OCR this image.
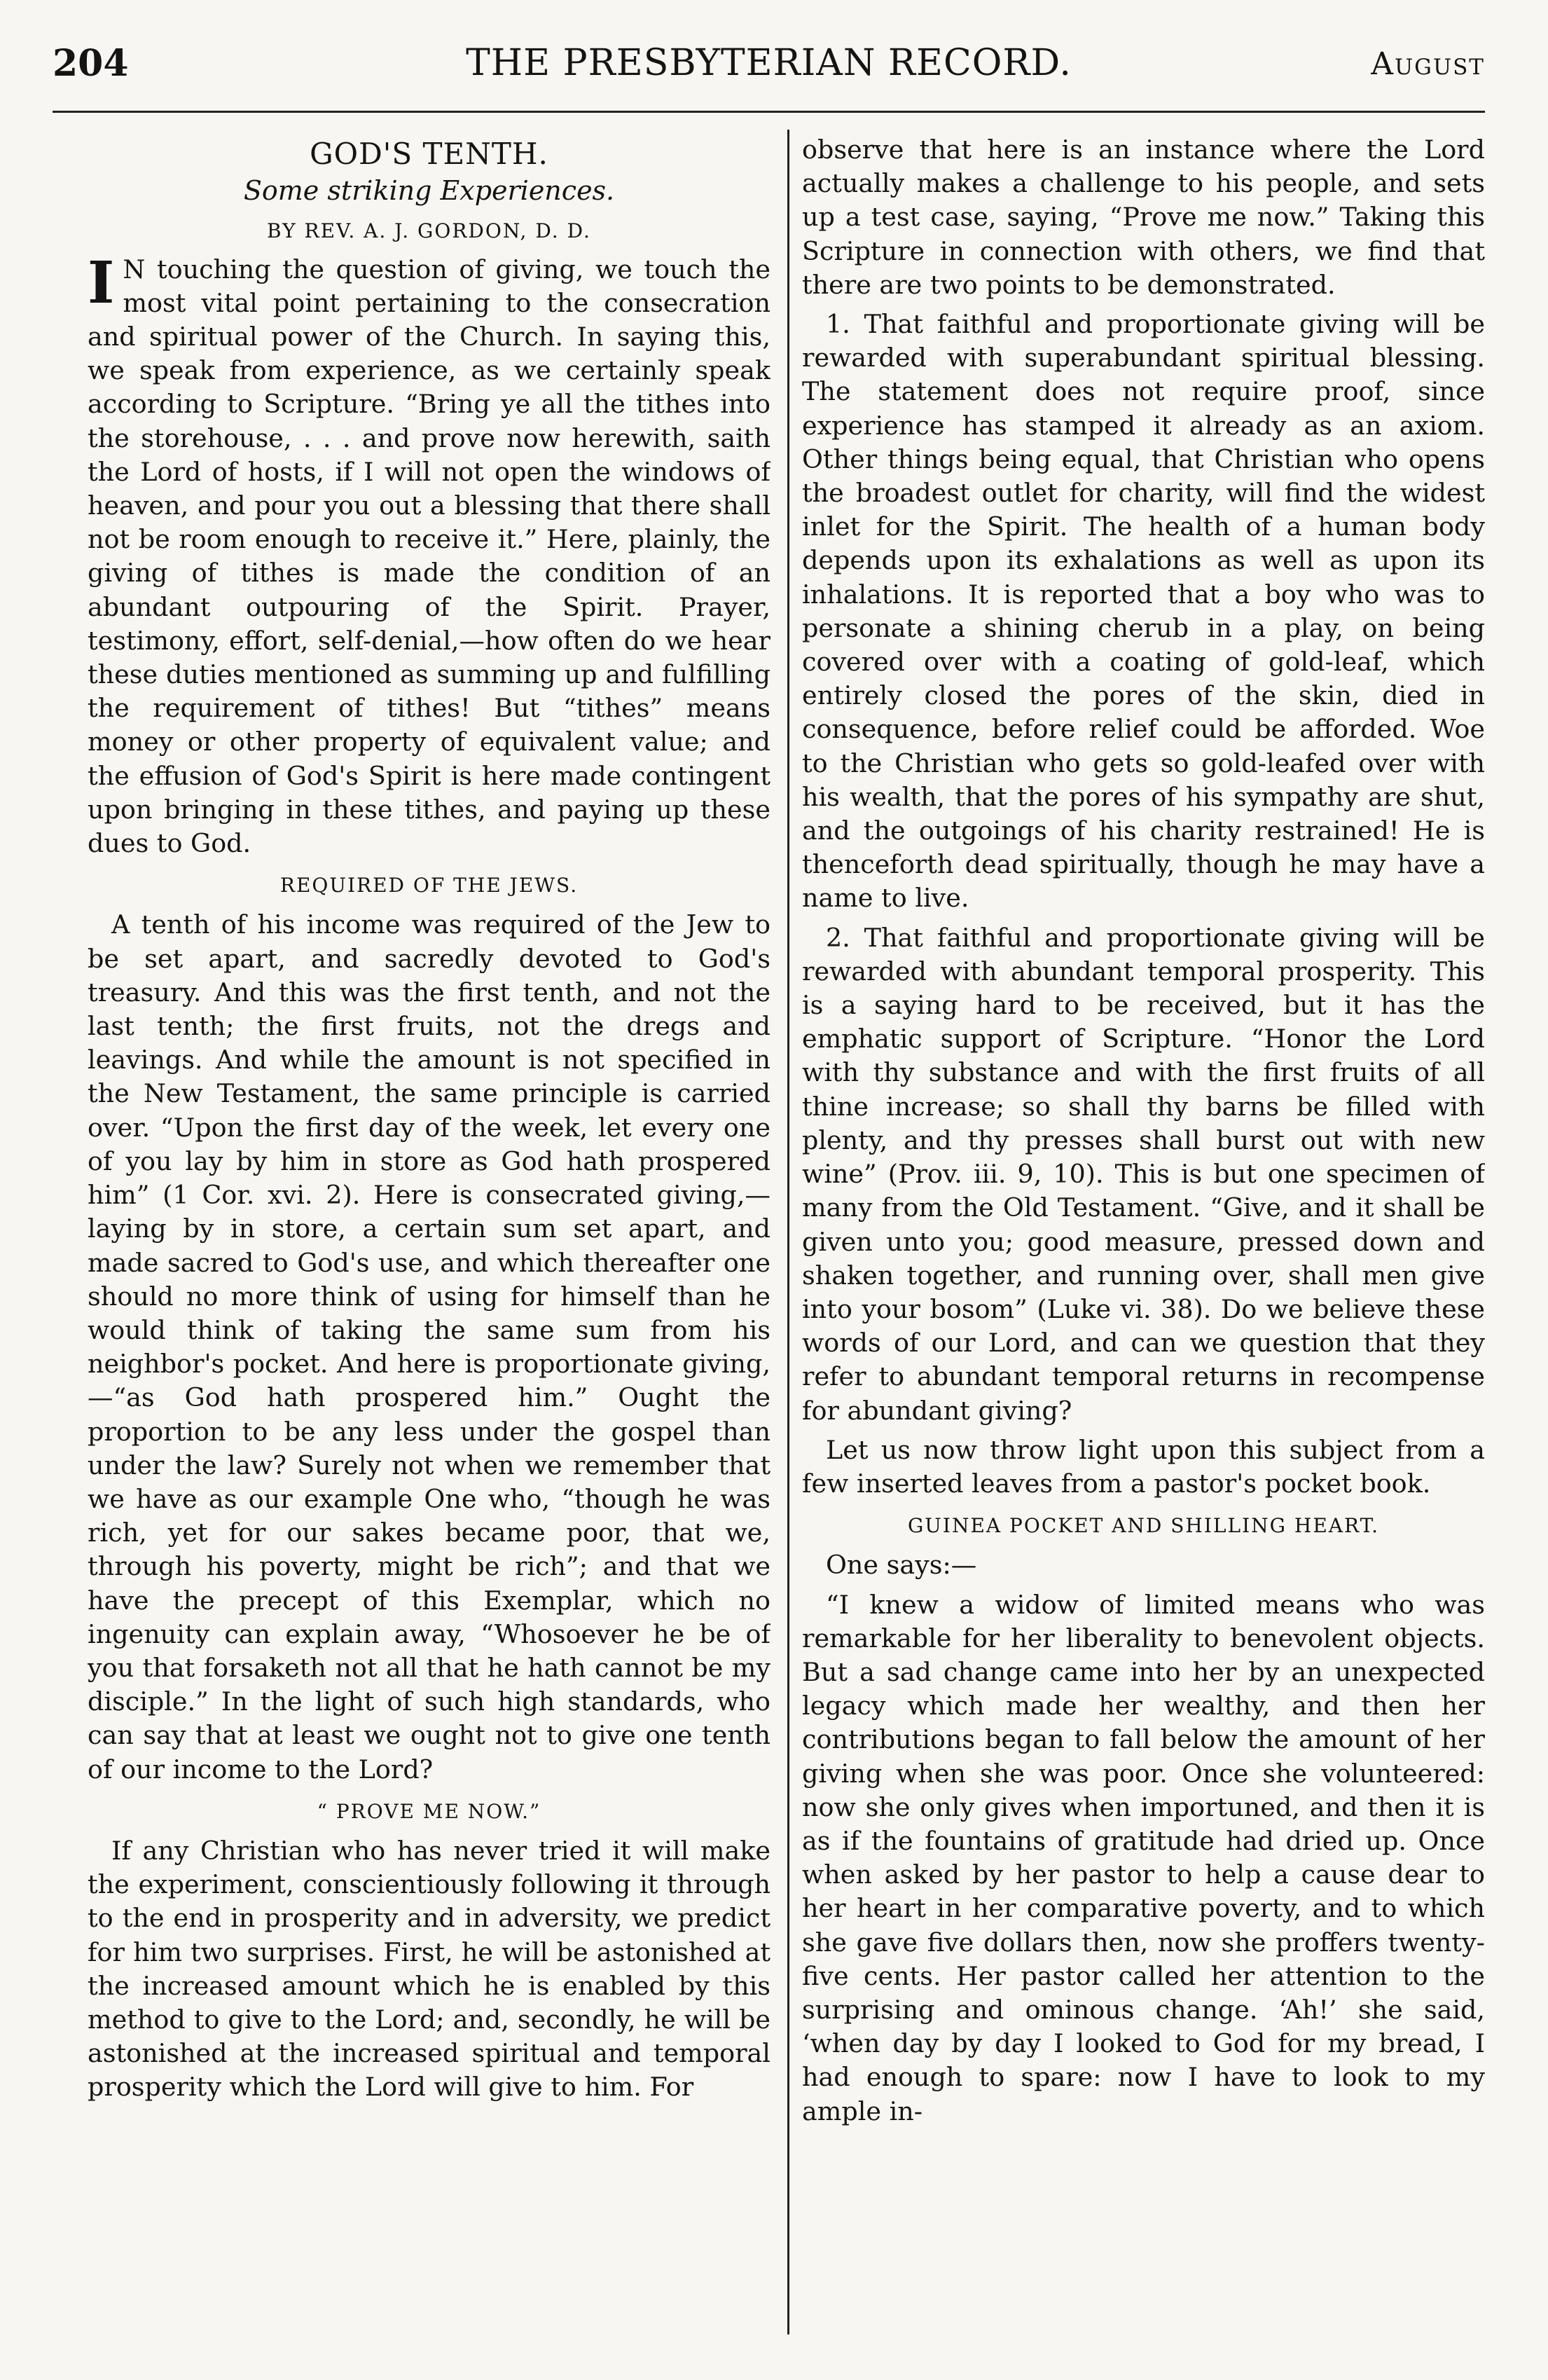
THE PRESBYTERIAN RECORD.
204	August
GOD'S TENTH.
Some striking Experiences.
BY REV. A. J. GORDON, D. D.

I N touching the question of giving, we touch the most vital point pertaining to the consecration and spiritual power of the Church. In saying this, we speak from experience, as we certainly speak according to Scripture. “Bring ye all the tithes into the storehouse, . . . and prove now herewith, saith the Lord of hosts, if I will not open the windows of heaven, and pour you out a blessing that there shall not be room enough to receive it.” Here, plainly, the giving of tithes is made the condition of an abundant outpouring of the Spirit. Prayer, testimony, effort, self-denial,—how often do we hear these duties mentioned as summing up and fulfilling the requirement of tithes! But “tithes” means money or other property of equivalent value; and the effusion of God's Spirit is here made contingent upon bringing in these tithes, and paying up these dues to God.

REQUIRED OF THE JEWS.

A tenth of his income was required of the Jew to be set apart, and sacredly devoted to God's treasury. And this was the first tenth, and not the last tenth; the first fruits, not the dregs and leavings. And while the amount is not specified in the New Testament, the same principle is carried over. “Upon the first day of the week, let every one of you lay by him in store as God hath prospered him” (1 Cor. xvi. 2). Here is consecrated giving,—laying by in store, a certain sum set apart, and made sacred to God's use, and which thereafter one should no more think of using for himself than he would think of taking the same sum from his neighbor's pocket. And here is proportionate giving,—“as God hath prospered him.” Ought the proportion to be any less under the gospel than under the law? Surely not when we remember that we have as our example One who, “though he was rich, yet for our sakes became poor, that we, through his poverty, might be rich”; and that we have the precept of this Exemplar, which no ingenuity can explain away, “Whosoever he be of you that forsaketh not all that he hath cannot be my disciple.” In the light of such high standards, who can say that at least we ought not to give one tenth of our income to the Lord?

“ PROVE ME NOW.”

If any Christian who has never tried it will make the experiment, conscientiously following it through to the end in prosperity and in adversity, we predict for him two surprises. First, he will be astonished at the increased amount which he is enabled by this method to give to the Lord; and, secondly, he will be astonished at the increased spiritual and temporal prosperity which the Lord will give to him. For

observe that here is an instance where the Lord actually makes a challenge to his people, and sets up a test case, saying, “Prove me now.” Taking this Scripture in connection with others, we find that there are two points to be demonstrated.

1. That faithful and proportionate giving will be rewarded with superabundant spiritual blessing. The statement does not require proof, since experience has stamped it already as an axiom. Other things being equal, that Christian who opens the broadest outlet for charity, will find the widest inlet for the Spirit. The health of a human body depends upon its exhalations as well as upon its inhalations. It is reported that a boy who was to personate a shining cherub in a play, on being covered over with a coating of gold-leaf, which entirely closed the pores of the skin, died in consequence, before relief could be afforded. Woe to the Christian who gets so gold-leafed over with his wealth, that the pores of his sympathy are shut, and the outgoings of his charity restrained! He is thenceforth dead spiritually, though he may have a name to live.

2. That faithful and proportionate giving will be rewarded with abundant temporal prosperity. This is a saying hard to be received, but it has the emphatic support of Scripture. “Honor the Lord with thy substance and with the first fruits of all thine increase; so shall thy barns be filled with plenty, and thy presses shall burst out with new wine” (Prov. iii. 9, 10). This is but one specimen of many from the Old Testament. “Give, and it shall be given unto you; good measure, pressed down and shaken together, and running over, shall men give into your bosom” (Luke vi. 38). Do we believe these words of our Lord, and can we question that they refer to abundant temporal returns in recompense for abundant giving?

Let us now throw light upon this subject from a few inserted leaves from a pastor's pocket book.

GUINEA POCKET AND SHILLING HEART.

One says:—

“I knew a widow of limited means who was remarkable for her liberality to benevolent objects. But a sad change came into her by an unexpected legacy which made her wealthy, and then her contributions began to fall below the amount of her giving when she was poor. Once she volunteered: now she only gives when importuned, and then it is as if the fountains of gratitude had dried up. Once when asked by her pastor to help a cause dear to her heart in her comparative poverty, and to which she gave five dollars then, now she proffers twenty-five cents. Her pastor called her attention to the surprising and ominous change. ‘Ah!’ she said, ‘when day by day I looked to God for my bread, I had enough to spare: now I have to look to my ample in-
